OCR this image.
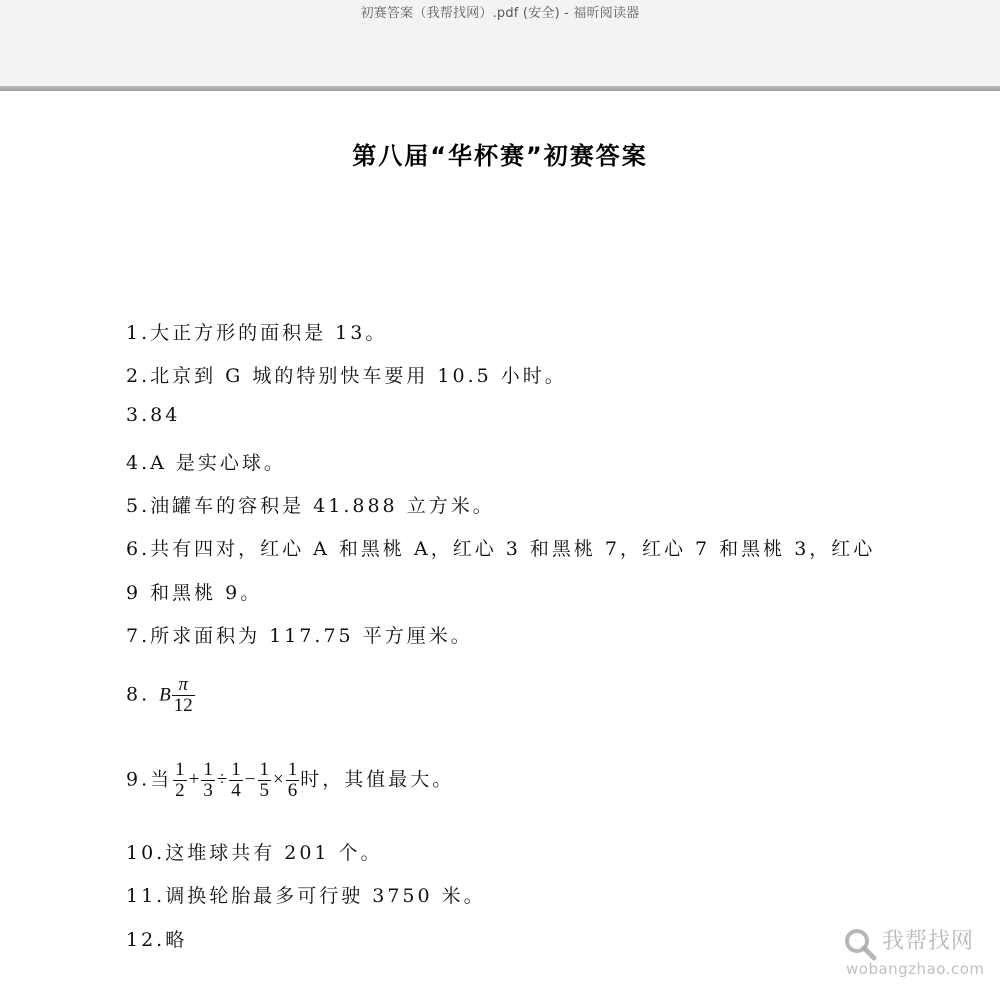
初赛答案（我帮找网）.pdf (安全) - 福昕阅读器
第八届“华杯赛”初赛答案
1.大正方形的面积是 13。
2.北京到 G 城的特别快车要用 10.5 小时。
3.84
4.A 是实心球。
5.油罐车的容积是 41.888 立方米。
6.共有四对，红心 A 和黑桃 A，红心 3 和黑桃 7，红心 7 和黑桃 3，红心
9 和黑桃 9。
7.所求面积为 117.75 平方厘米。
8. B $\frac{\pi}{12}$
9.当 $\frac{1}{2} + \frac{1}{3} \div \frac{1}{4} - \frac{1}{5} \times \frac{1}{6}$ 时，其值最大。
10.这堆球共有 201 个。
11.调换轮胎最多可行驶 3750 米。
12.略	我帮找网
wobangzhao.com
